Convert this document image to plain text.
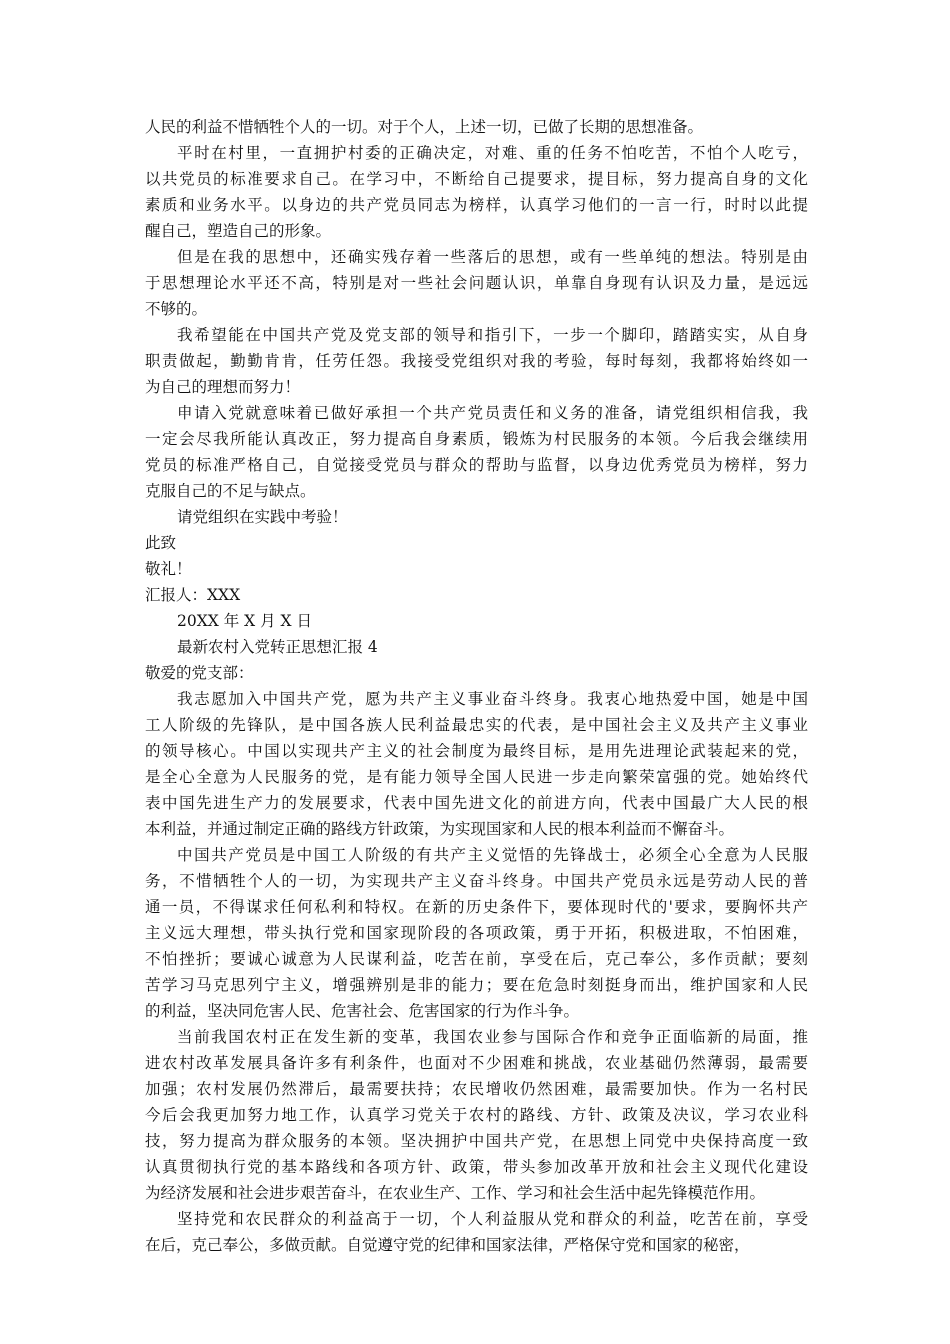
人民的利益不惜牺牲个人的一切。对于个人，上述一切，已做了长期的思想准备。
平时在村里，一直拥护村委的正确决定，对难、重的任务不怕吃苦，不怕个人吃亏，
以共党员的标准要求自己。在学习中，不断给自己提要求，提目标，努力提高自身的文化
素质和业务水平。以身边的共产党员同志为榜样，认真学习他们的一言一行，时时以此提
醒自己，塑造自己的形象。
但是在我的思想中，还确实残存着一些落后的思想，或有一些单纯的想法。特别是由
于思想理论水平还不高，特别是对一些社会问题认识，单靠自身现有认识及力量，是远远
不够的。
我希望能在中国共产党及党支部的领导和指引下，一步一个脚印，踏踏实实，从自身
职责做起，勤勤肯肯，任劳任怨。我接受党组织对我的考验，每时每刻，我都将始终如一
为自己的理想而努力！
申请入党就意味着已做好承担一个共产党员责任和义务的准备，请党组织相信我，我
一定会尽我所能认真改正，努力提高自身素质，锻炼为村民服务的本领。今后我会继续用
党员的标准严格自己，自觉接受党员与群众的帮助与监督，以身边优秀党员为榜样，努力
克服自己的不足与缺点。
请党组织在实践中考验！
此致
敬礼！
汇报人：XXX
20XX 年 X 月 X 日
最新农村入党转正思想汇报 4
敬爱的党支部：
我志愿加入中国共产党，愿为共产主义事业奋斗终身。我衷心地热爱中国，她是中国
工人阶级的先锋队，是中国各族人民利益最忠实的代表，是中国社会主义及共产主义事业
的领导核心。中国以实现共产主义的社会制度为最终目标，是用先进理论武装起来的党，
是全心全意为人民服务的党，是有能力领导全国人民进一步走向繁荣富强的党。她始终代
表中国先进生产力的发展要求，代表中国先进文化的前进方向，代表中国最广大人民的根
本利益，并通过制定正确的路线方针政策，为实现国家和人民的根本利益而不懈奋斗。
中国共产党员是中国工人阶级的有共产主义觉悟的先锋战士，必须全心全意为人民服
务，不惜牺牲个人的一切，为实现共产主义奋斗终身。中国共产党员永远是劳动人民的普
通一员，不得谋求任何私利和特权。在新的历史条件下，要体现时代的'要求，要胸怀共产
主义远大理想，带头执行党和国家现阶段的各项政策，勇于开拓，积极进取，不怕困难，
不怕挫折；要诚心诚意为人民谋利益，吃苦在前，享受在后，克己奉公，多作贡献；要刻
苦学习马克思列宁主义，增强辨别是非的能力；要在危急时刻挺身而出，维护国家和人民
的利益，坚决同危害人民、危害社会、危害国家的行为作斗争。
当前我国农村正在发生新的变革，我国农业参与国际合作和竞争正面临新的局面，推
进农村改革发展具备许多有利条件，也面对不少困难和挑战，农业基础仍然薄弱，最需要
加强；农村发展仍然滞后，最需要扶持；农民增收仍然困难，最需要加快。作为一名村民
今后会我更加努力地工作，认真学习党关于农村的路线、方针、政策及决议，学习农业科
技，努力提高为群众服务的本领。坚决拥护中国共产党，在思想上同党中央保持高度一致
认真贯彻执行党的基本路线和各项方针、政策，带头参加改革开放和社会主义现代化建设
为经济发展和社会进步艰苦奋斗，在农业生产、工作、学习和社会生活中起先锋模范作用。
坚持党和农民群众的利益高于一切，个人利益服从党和群众的利益，吃苦在前，享受
在后，克己奉公，多做贡献。自觉遵守党的纪律和国家法律，严格保守党和国家的秘密，
